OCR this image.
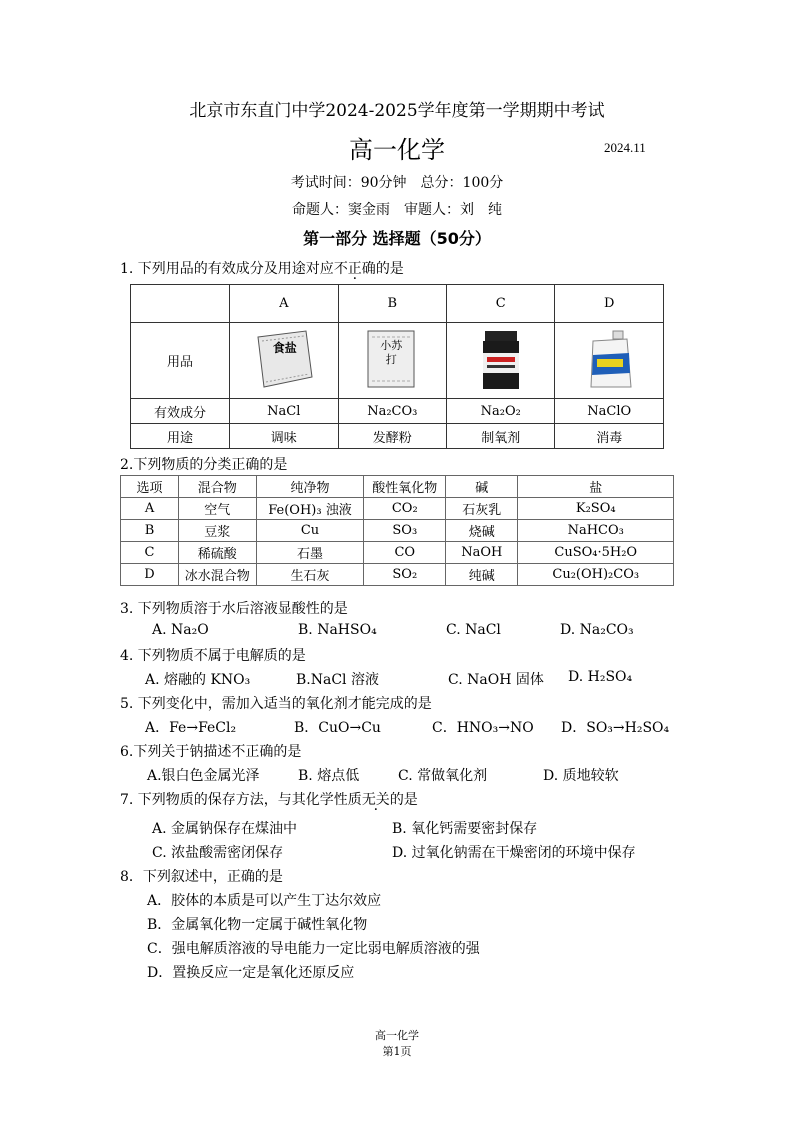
北京市东直门中学2024-2025学年度第一学期期中考试
高一化学	2024.11
考试时间：90分钟　总分：100分
命题人：窦金雨　审题人：刘　纯
第一部分 选择题（50分）
1. 下列用品的有效成分及用途对应不正确的是
	A	B	C	D
用品	食盐	小苏打

有效成分	NaCl	Na₂CO₃	Na₂O₂	NaClO
用途	调味	发酵粉	制氧剂	消毒
2.下列物质的分类正确的是
选项	混合物	纯净物	酸性氧化物	碱	盐
A	空气	Fe(OH)₃ 浊液	CO₂	石灰乳	K₂SO₄
B	豆浆	Cu	SO₃	烧碱	NaHCO₃
C	稀硫酸	石墨	CO	NaOH	CuSO₄·5H₂O
D	冰水混合物	生石灰	SO₂	纯碱	Cu₂(OH)₂CO₃
3. 下列物质溶于水后溶液显酸性的是
A. Na₂O	B. NaHSO₄	C. NaCl	D. Na₂CO₃
4. 下列物质不属于电解质的是
A. 熔融的 KNO₃	B.NaCl 溶液	C. NaOH 固体 D. H₂SO₄
5. 下列变化中，需加入适当的氧化剂才能完成的是
A．Fe→FeCl₂	B．CuO→Cu	C．HNO₃→NO D．SO₃→H₂SO₄
6.下列关于钠描述不正确的是
A.银白色金属光泽	B. 熔点低	C. 常做氧化剂	D. 质地较软
7. 下列物质的保存方法，与其化学性质无关的是
A. 金属钠保存在煤油中	B. 氧化钙需要密封保存
C. 浓盐酸需密闭保存	D. 过氧化钠需在干燥密闭的环境中保存
8．下列叙述中，正确的是
A．胶体的本质是可以产生丁达尔效应
B．金属氧化物一定属于碱性氧化物
C．强电解质溶液的导电能力一定比弱电解质溶液的强
D．置换反应一定是氧化还原反应
高一化学
第1页
